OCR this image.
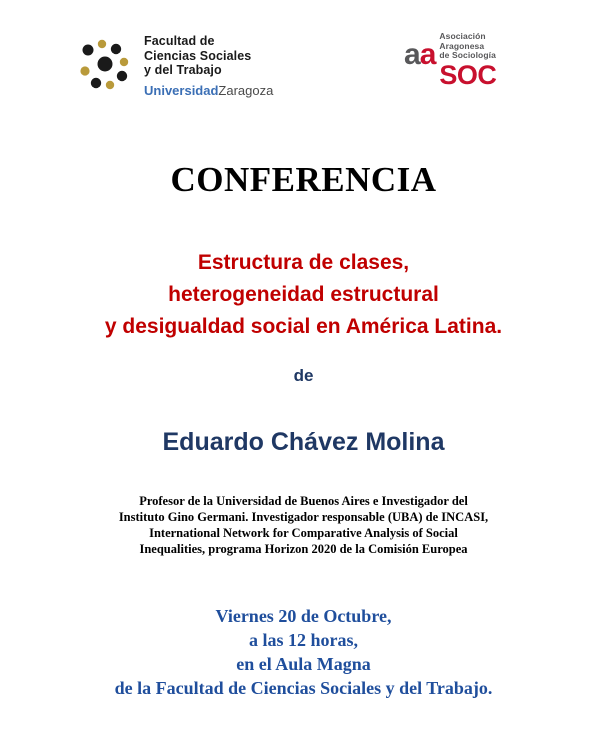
Facultad de
Ciencias Sociales
y del Trabajo
UniversidadZaragoza
aa
Asociación
Aragonesa
de Sociología
SOC
CONFERENCIA
Estructura de clases,
heterogeneidad estructural
y desigualdad social en América Latina.
de
Eduardo Chávez Molina
Profesor de la Universidad de Buenos Aires e Investigador del
Instituto Gino Germani. Investigador responsable (UBA) de INCASI,
International Network for Comparative Analysis of Social
Inequalities, programa Horizon 2020 de la Comisión Europea
Viernes 20 de Octubre,
a las 12 horas,
en el Aula Magna
de la Facultad de Ciencias Sociales y del Trabajo.
